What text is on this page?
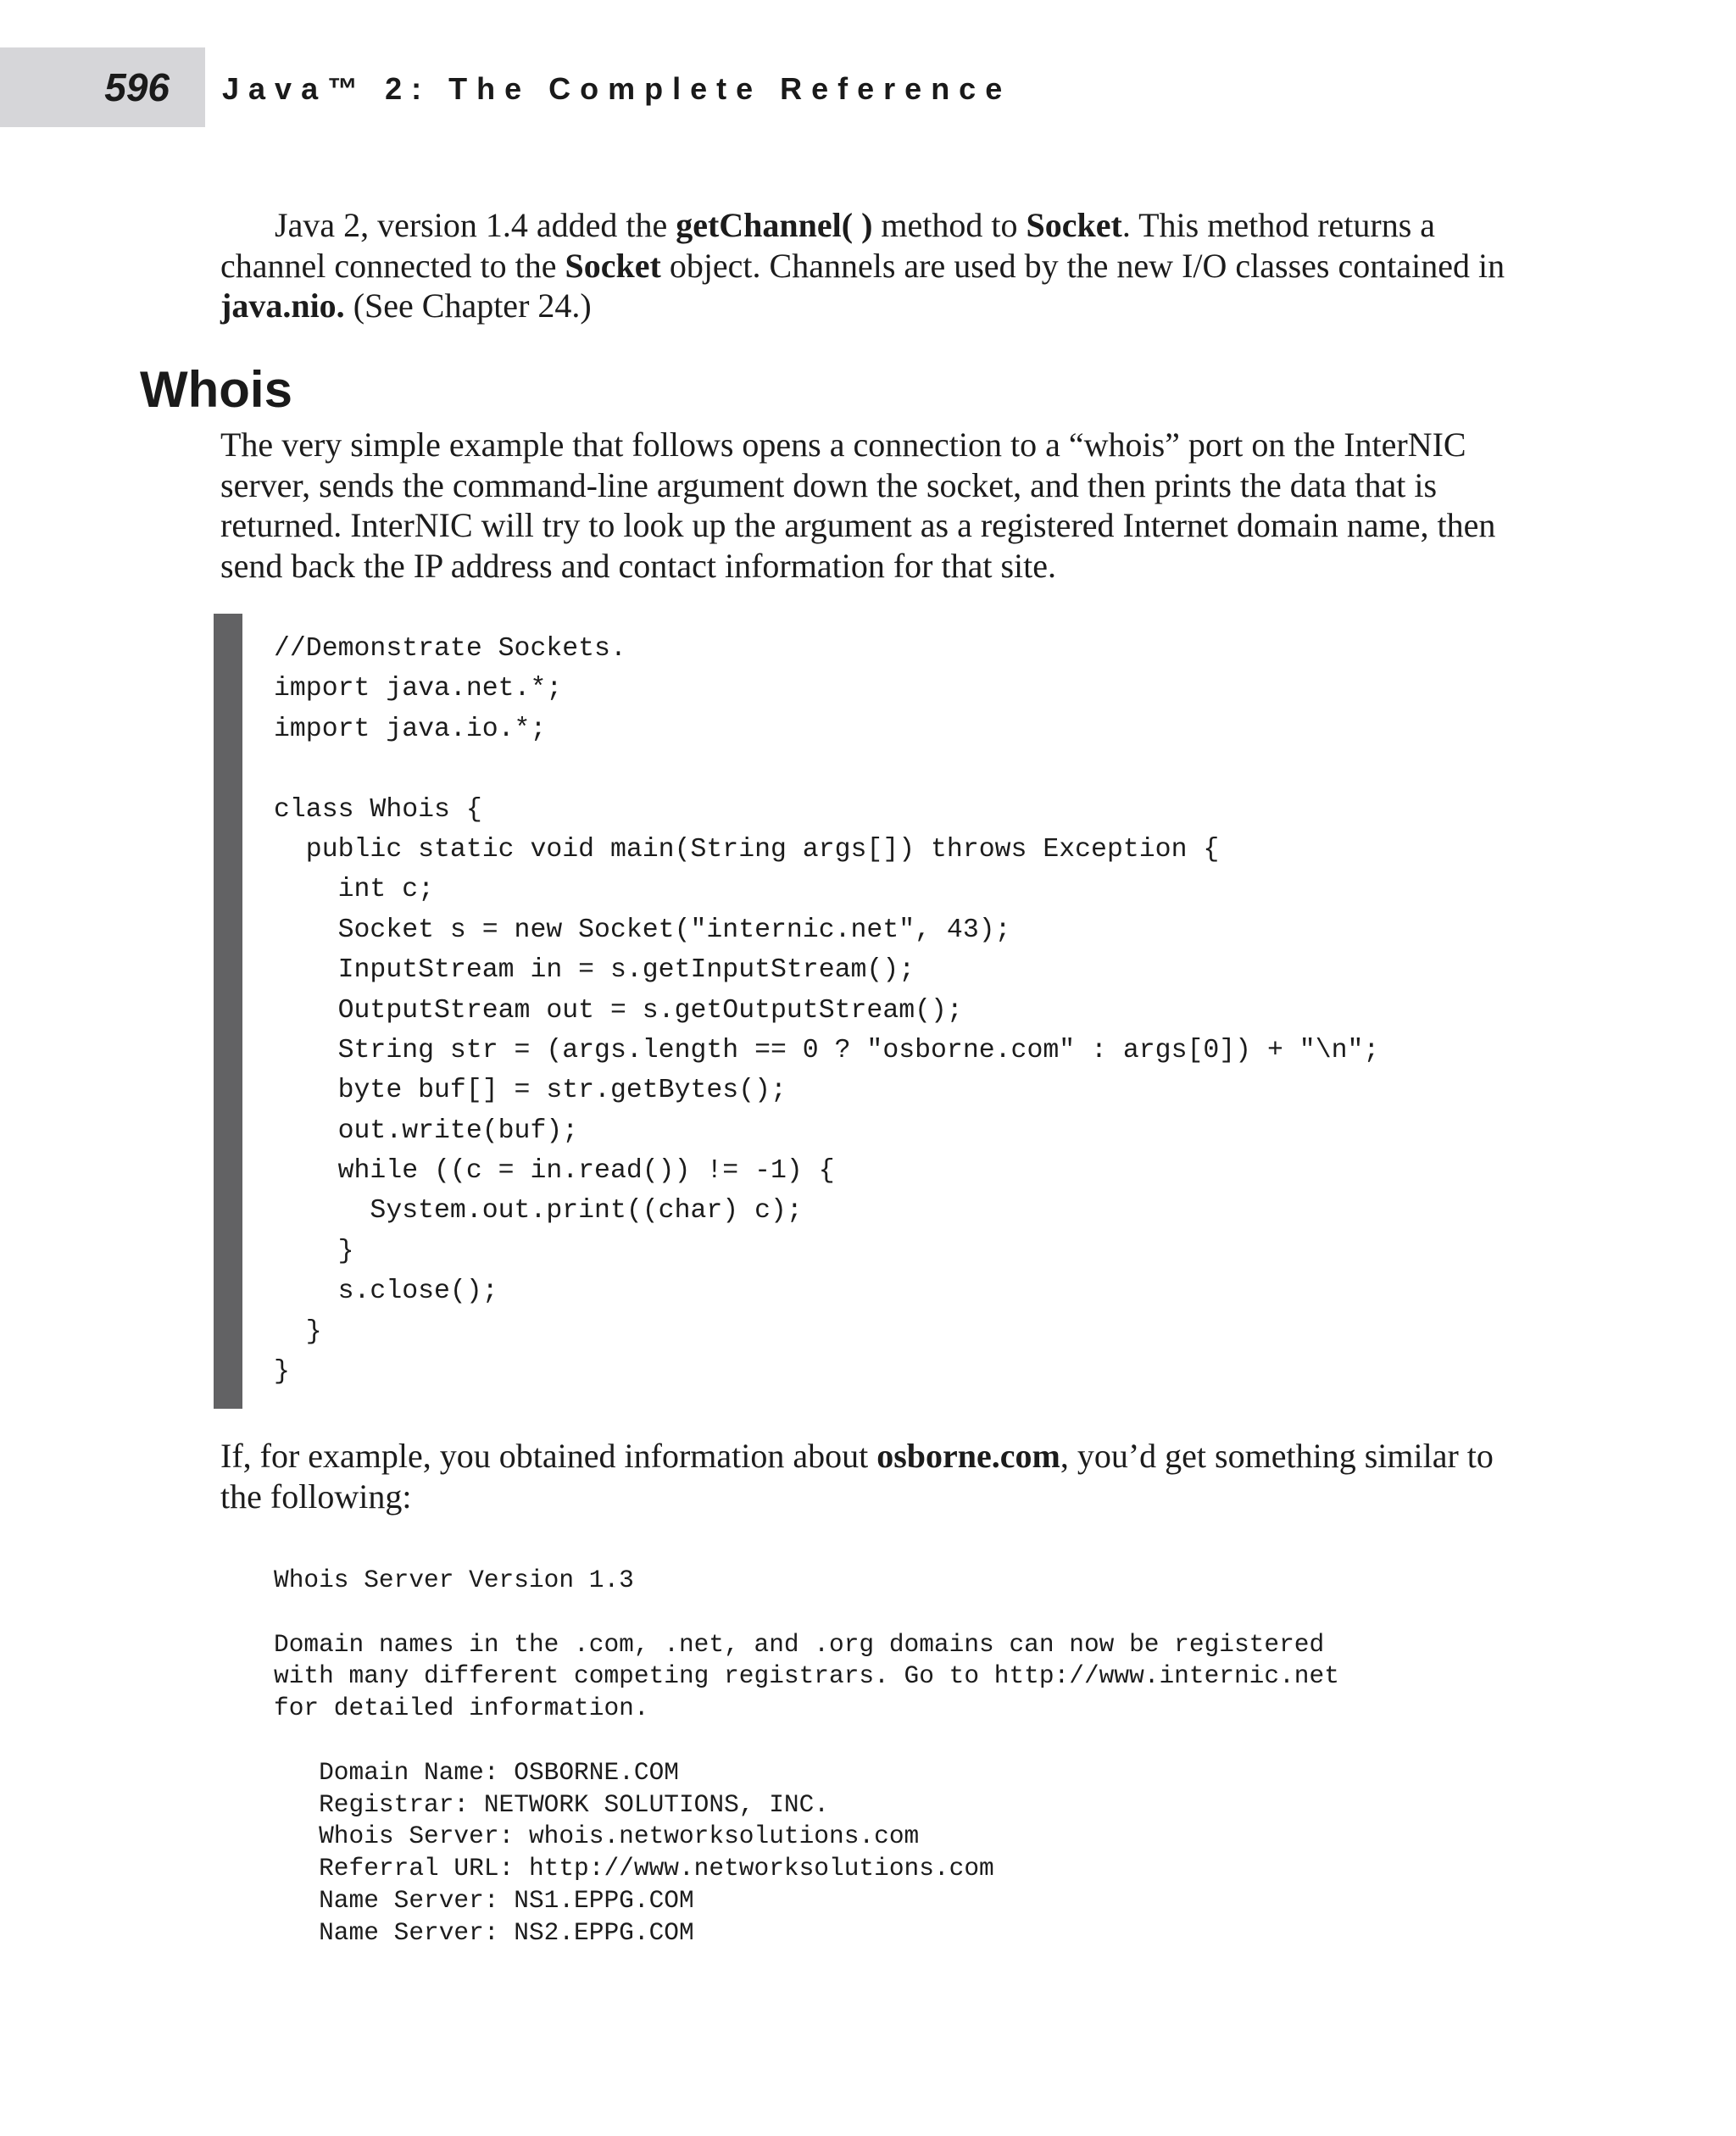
596 Java™ 2: The Complete Reference
Java 2, version 1.4 added the getChannel( ) method to Socket. This method returns a channel connected to the Socket object. Channels are used by the new I/O classes contained in java.nio. (See Chapter 24.)
Whois
The very simple example that follows opens a connection to a “whois” port on the InterNIC server, sends the command-line argument down the socket, and then prints the data that is returned. InterNIC will try to look up the argument as a registered Internet domain name, then send back the IP address and contact information for that site.
//Demonstrate Sockets.
import java.net.*;
import java.io.*;
class Whois {
public static void main(String args[]) throws Exception {
int c;
Socket s = new Socket("internic.net", 43);
InputStream in = s.getInputStream();
OutputStream out = s.getOutputStream();
String str = (args.length == 0 ? "osborne.com" : args[0]) + "\n";
byte buf[] = str.getBytes();
out.write(buf);
while ((c = in.read()) != -1) {
System.out.print((char) c);
}
s.close();
}
}
If, for example, you obtained information about osborne.com, you’d get something similar to the following:
Whois Server Version 1.3
Domain names in the .com, .net, and .org domains can now be registered
with many different competing registrars. Go to http://www.internic.net
for detailed information.
Domain Name: OSBORNE.COM
Registrar: NETWORK SOLUTIONS, INC.
Whois Server: whois.networksolutions.com
Referral URL: http://www.networksolutions.com
Name Server: NS1.EPPG.COM
Name Server: NS2.EPPG.COM
